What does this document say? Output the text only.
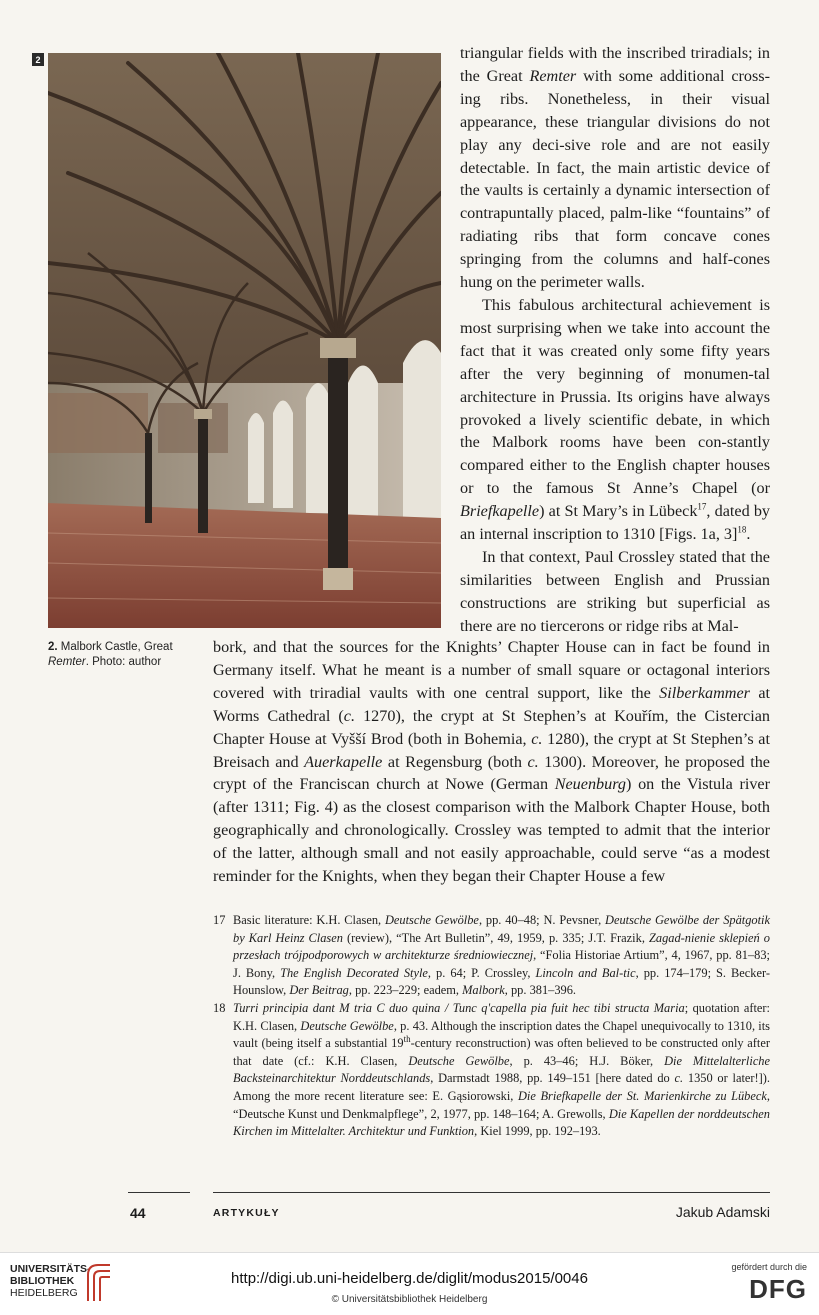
2
2. Malbork Castle, Great Remter. Photo: author

triangular fields with the inscribed triradials; in the Great Remter with some additional cross-ing ribs. Nonetheless, in their visual appearance, these triangular divisions do not play any deci-sive role and are not easily detectable. In fact, the main artistic device of the vaults is certainly a dynamic intersection of contrapuntally placed, palm-like “fountains” of radiating ribs that form concave cones springing from the columns and half-cones hung on the perimeter walls.

This fabulous architectural achievement is most surprising when we take into account the fact that it was created only some fifty years after the very beginning of monumen-tal architecture in Prussia. Its origins have always provoked a lively scientific debate, in which the Malbork rooms have been con-stantly compared either to the English chapter houses or to the famous St Anne’s Chapel (or Briefkapelle) at St Mary’s in Lübeck$^{17}$, dated by an internal inscription to 1310 [Figs. 1a, 3]$^{18}$.

In that context, Paul Crossley stated that the similarities between English and Prussian constructions are striking but superficial as there are no tiercerons or ridge ribs at Mal-

bork, and that the sources for the Knights’ Chapter House can in fact be found in Germany itself. What he meant is a number of small square or octagonal interiors covered with triradial vaults with one central support, like the Silberkammer at Worms Cathedral (c. 1270), the crypt at St Stephen’s at Kouřím, the Cistercian Chapter House at Vyšší Brod (both in Bohemia, c. 1280), the crypt at St Stephen’s at Breisach and Auerkapelle at Regensburg (both c. 1300). Moreover, he proposed the crypt of the Franciscan church at Nowe (German Neuenburg) on the Vistula river (after 1311; Fig. 4) as the closest comparison with the Malbork Chapter House, both geographically and chronologically. Crossley was tempted to admit that the interior of the latter, although small and not easily approachable, could serve “as a modest reminder for the Knights, when they began their Chapter House a few

17 Basic literature: K.H. Clasen, Deutsche Gewölbe, pp. 40–48; N. Pevsner, Deutsche Gewölbe der Spätgotik by Karl Heinz Clasen (review), “The Art Bulletin”, 49, 1959, p. 335; J.T. Frazik, Zagad-nienie sklepień o przesłach trójpodporowych w architekturze średniowiecznej, “Folia Historiae Artium”, 4, 1967, pp. 81–83; J. Bony, The English Decorated Style, p. 64; P. Crossley, Lincoln and Bal-tic, pp. 174–179; S. Becker-Hounslow, Der Beitrag, pp. 223–229; eadem, Malbork, pp. 381–396.
18 Turri principia dant M tria C duo quina / Tunc q'capella pia fuit hec tibi structa Maria; quotation after: K.H. Clasen, Deutsche Gewölbe, p. 43. Although the inscription dates the Chapel unequivocally to 1310, its vault (being itself a substantial 19th-century reconstruction) was often believed to be constructed only after that date (cf.: K.H. Clasen, Deutsche Gewölbe, p. 43–46; H.J. Böker, Die Mittelalterliche Backsteinarchitektur Norddeutschlands, Darmstadt 1988, pp. 149–151 [here dated do c. 1350 or later!]). Among the more recent literature see: E. Gąsiorowski, Die Briefkapelle der St. Marienkirche zu Lübeck, “Deutsche Kunst und Denkmalpflege”, 2, 1977, pp. 148–164; A. Grewolls, Die Kapellen der norddeutschen Kirchen im Mittelalter. Architektur und Funktion, Kiel 1999, pp. 192–193.
44	ARTYKUŁY	Jakub Adamski
UNIVERSITÄTS-
BIBLIOTHEK
HEIDELBERG
http://digi.ub.uni-heidelberg.de/diglit/modus2015/0046
© Universitätsbibliothek Heidelberg
gefördert durch die
DFG
